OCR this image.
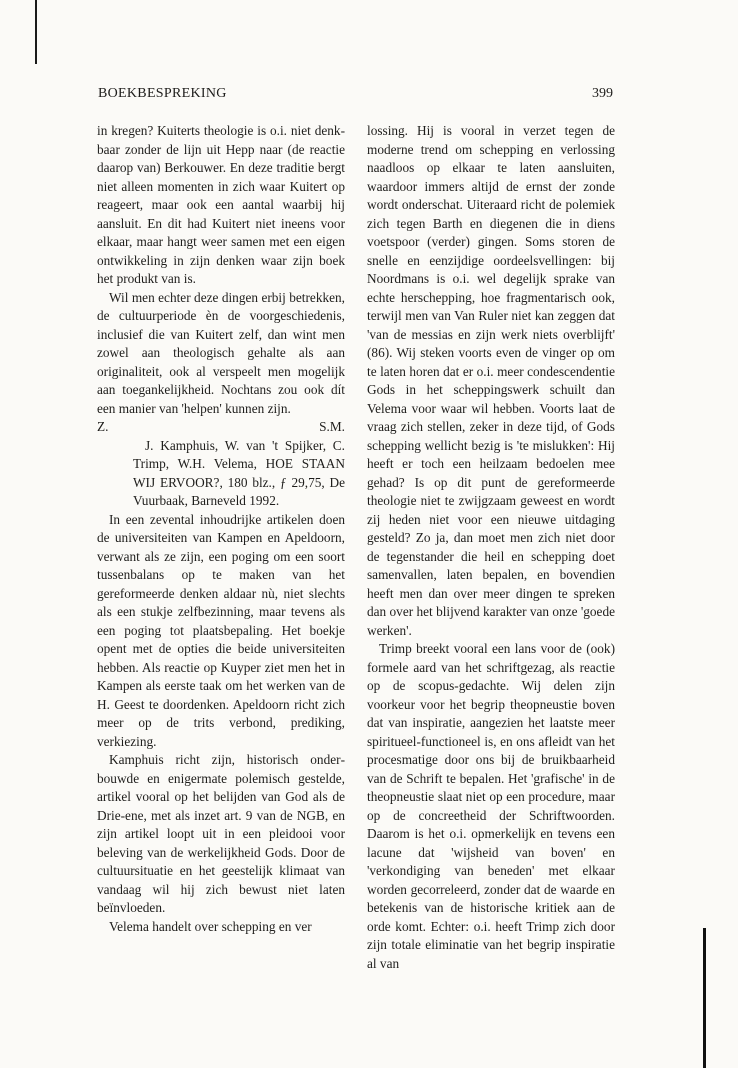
BOEKBESPREKING	399

in kregen? Kuiterts theologie is o.i. niet denkbaar zonder de lijn uit Hepp naar (de reactie daarop van) Berkouwer. En deze traditie bergt niet alleen momenten in zich waar Kuitert op reageert, maar ook een aantal waarbij hij aansluit. En dit had Kuitert niet ineens voor elkaar, maar hangt weer samen met een eigen ontwikkeling in zijn denken waar zijn boek het produkt van is.

Wil men echter deze dingen erbij betrekken, de cultuurperiode èn de voorgeschiedenis, inclusief die van Kuitert zelf, dan wint men zowel aan theologisch gehalte als aan originaliteit, ook al verspeelt men mogelijk aan toegankelijkheid. Nochtans zou ook dít een manier van 'helpen' kunnen zijn.

Z.	S.M.

J. Kamphuis, W. van 't Spijker, C. Trimp, W.H. Velema, HOE STAAN WIJ ERVOOR?, 180 blz., ƒ 29,75, De Vuurbaak, Barneveld 1992.

In een zevental inhoudrijke artikelen doen de universiteiten van Kampen en Apeldoorn, verwant als ze zijn, een poging om een soort tussenbalans op te maken van het gereformeerde denken aldaar nù, niet slechts als een stukje zelfbezinning, maar tevens als een poging tot plaatsbepaling. Het boekje opent met de opties die beide universiteiten hebben. Als reactie op Kuyper ziet men het in Kampen als eerste taak om het werken van de H. Geest te doordenken. Apeldoorn richt zich meer op de trits verbond, prediking, verkiezing.

Kamphuis richt zijn, historisch onderbouwde en enigermate polemisch gestelde, artikel vooral op het belijden van God als de Drie-ene, met als inzet art. 9 van de NGB, en zijn artikel loopt uit in een pleidooi voor beleving van de werkelijkheid Gods. Door de cultuursituatie en het geestelijk klimaat van vandaag wil hij zich bewust niet laten beïnvloeden.

Velema handelt over schepping en ver

lossing. Hij is vooral in verzet tegen de moderne trend om schepping en verlossing naadloos op elkaar te laten aansluiten, waardoor immers altijd de ernst der zonde wordt onderschat. Uiteraard richt de polemiek zich tegen Barth en diegenen die in diens voetspoor (verder) gingen. Soms storen de snelle en eenzijdige oordeelsvellingen: bij Noordmans is o.i. wel degelijk sprake van echte herschepping, hoe fragmentarisch ook, terwijl men van Van Ruler niet kan zeggen dat 'van de messias en zijn werk niets overblijft' (86). Wij steken voorts even de vinger op om te laten horen dat er o.i. meer condescendentie Gods in het scheppingswerk schuilt dan Velema voor waar wil hebben. Voorts laat de vraag zich stellen, zeker in deze tijd, of Gods schepping wellicht bezig is 'te mislukken': Hij heeft er toch een heilzaam bedoelen mee gehad? Is op dit punt de gereformeerde theologie niet te zwijgzaam geweest en wordt zij heden niet voor een nieuwe uitdaging gesteld? Zo ja, dan moet men zich niet door de tegenstander die heil en schepping doet samenvallen, laten bepalen, en bovendien heeft men dan over meer dingen te spreken dan over het blijvend karakter van onze 'goede werken'.

Trimp breekt vooral een lans voor de (ook) formele aard van het schriftgezag, als reactie op de scopus-gedachte. Wij delen zijn voorkeur voor het begrip theopneustie boven dat van inspiratie, aangezien het laatste meer spiritueel-functioneel is, en ons afleidt van het procesmatige door ons bij de bruikbaarheid van de Schrift te bepalen. Het 'grafische' in de theopneustie slaat niet op een procedure, maar op de concreetheid der Schriftwoorden. Daarom is het o.i. opmerkelijk en tevens een lacune dat 'wijsheid van boven' en 'verkondiging van beneden' met elkaar worden gecorreleerd, zonder dat de waarde en betekenis van de historische kritiek aan de orde komt. Echter: o.i. heeft Trimp zich door zijn totale eliminatie van het begrip inspiratie al van
